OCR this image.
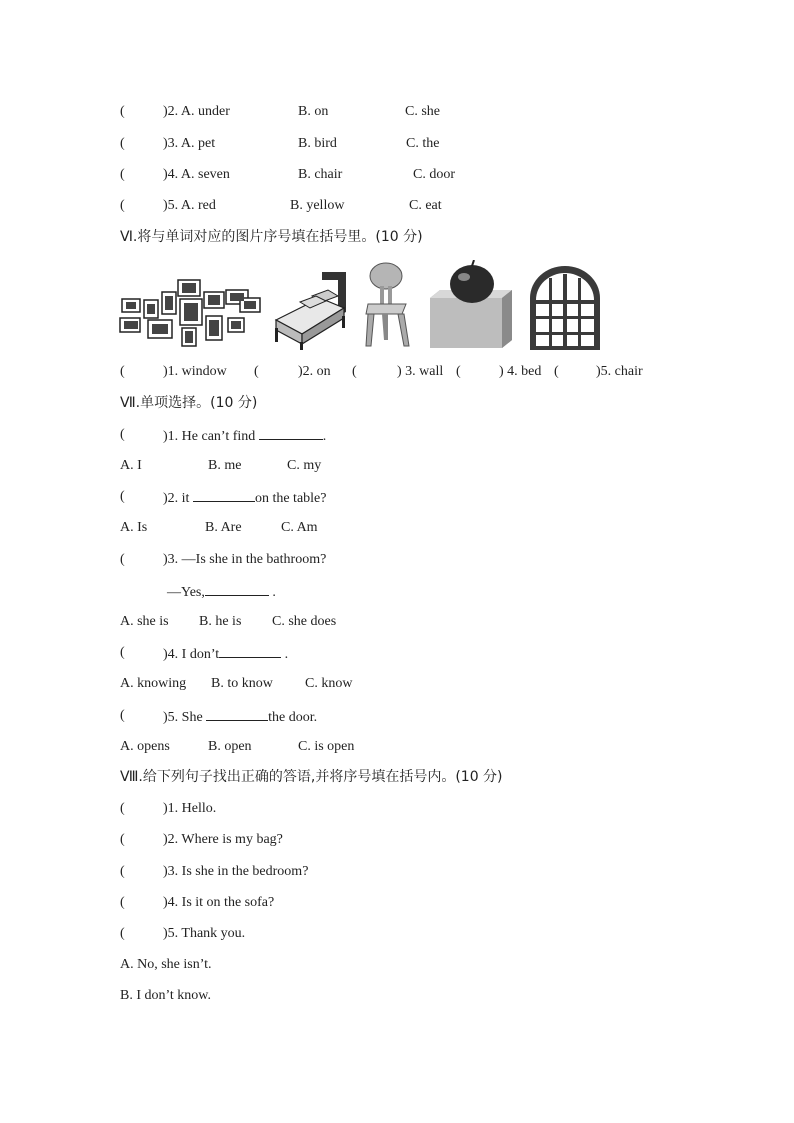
(	)2. A. under	B. on	C. she
(	)3. A. pet	B. bird	C. the
(	)4. A. seven	B. chair	C. door
(	)5. A. red	B. yellow	C. eat
Ⅵ.将与单词对应的图片序号填在括号里。(10 分)
(	)1. window (	)2. on (	) 3. wall (	) 4. bed (	)5. chair
Ⅶ.单项选择。(10 分)
(	)1. He can’t find	.
A. I	B. me	C. my
(	)2. it	on the table?
A. Is	B. Are	C. Am
(	)3. —Is she in the bathroom?
—Yes,	.
A. she is B. he is C. she does
(	)4. I don’t	.
A. knowing B. to know C. know
(	)5. She	the door.
A. opens	B. open	C. is open
Ⅷ.给下列句子找出正确的答语,并将序号填在括号内。(10 分)
(	)1. Hello.
(	)2. Where is my bag?
(	)3. Is she in the bedroom?
(	)4. Is it on the sofa?
(	)5. Thank you.
A. No, she isn’t.
B. I don’t know.
